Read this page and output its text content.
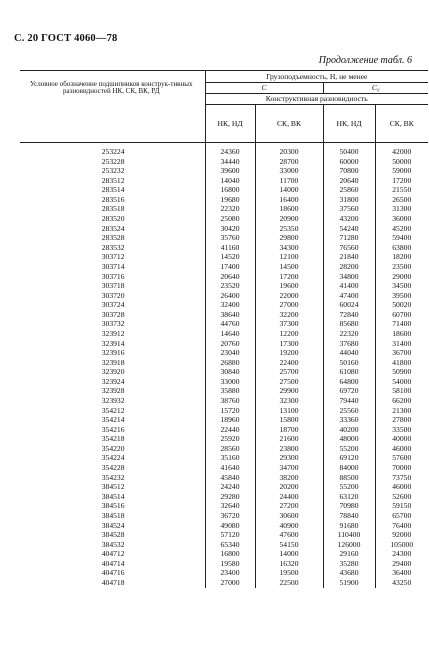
С. 20 ГОСТ 4060—78
Продолжение табл. 6
Условное обозначение подшипников конструк-тивных разновидностей НК, СК, ВК, РД	Грузоподъемность, Н, не менее			
	C		C₀	
	Конструктивная разновидность			
	НК, НД	СК, ВК	НК, НД	СК, ВК
253224	24360	20300	50400	42000
253228	34440	28700	60000	50000
253232	39600	33000	70800	59000
283512	14040	11700	20640	17200
283514	16800	14000	25860	21550
283516	19680	16400	31800	26500
283518	22320	18600	37560	31300
283520	25080	20900	43200	36000
283524	30420	25350	54240	45200
283528	35760	29800	71280	59400
283532	41160	34300	76560	63800
303712	14520	12100	21840	18200
303714	17400	14500	28200	23500
303716	20640	17200	34800	29000
303718	23520	19600	41400	34500
303720	26400	22000	47400	39500
303724	32400	27000	60024	50020
303728	38640	32200	72840	60700
303732	44760	37300	85680	71400
323912	14640	12200	22320	18600
323914	20760	17300	37680	31400
323916	23040	19200	44040	36700
323918	26880	22400	50160	41800
323920	30840	25700	61080	50900
323924	33000	27500	64800	54000
323928	35880	29900	69720	58100
323932	38760	32300	79440	66200
354212	15720	13100	25560	21300
354214	18960	15800	33360	27800
354216	22440	18700	40200	33500
354218	25920	21600	48000	40000
354220	28560	23800	55200	46000
354224	35160	29300	69120	57600
354228	41640	34700	84000	70000
354232	45840	38200	88500	73750
384512	24240	20200	55200	46000
384514	29280	24400	63120	52600
384516	32640	27200	70980	59150
384518	36720	30600	78840	65700
384524	49080	40900	91680	76400
384528	57120	47600	110400	92000
384532	65340	54150	126000	105000
404712	16800	14000	29160	24300
404714	19580	16320	35280	29400
404716	23400	19500	43680	36400
404718	27000	22500	51900	43250
